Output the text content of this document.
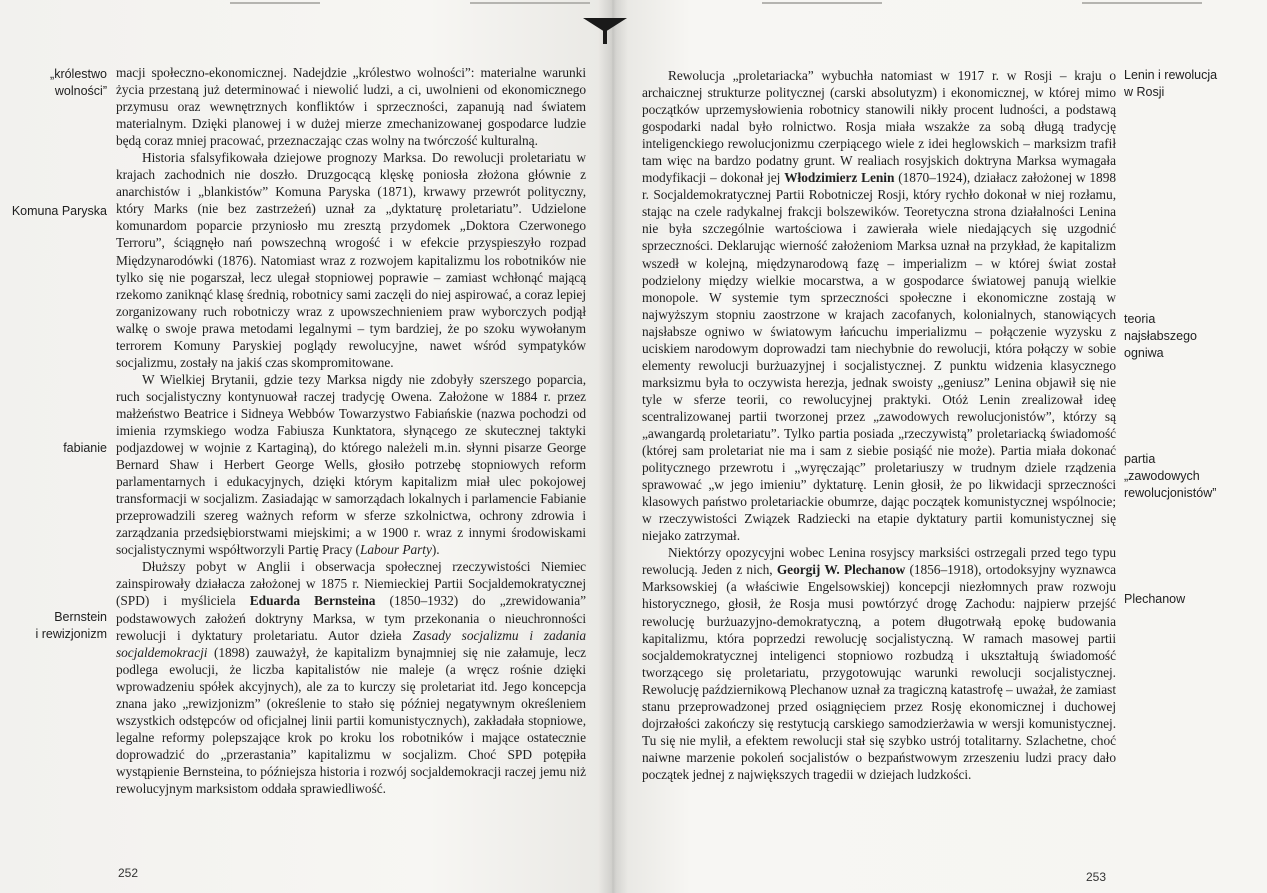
„królestwo
wolności”
Komuna Paryska
fabianie
Bernstein
i rewizjonizm

macji społeczno-ekonomicznej. Nadejdzie „królestwo wolności”: materialne warunki życia przestaną już determinować i niewolić ludzi, a ci, uwolnieni od ekonomicznego przymusu oraz wewnętrznych konfliktów i sprzeczności, zapanują nad światem materialnym. Dzięki planowej i w dużej mierze zmechanizowanej gospodarce ludzie będą coraz mniej pracować, przeznaczając czas wolny na twórczość kulturalną.

Historia sfalsyfikowała dziejowe prognozy Marksa. Do rewolucji proletariatu w krajach zachodnich nie doszło. Druzgocącą klęskę poniosła złożona głównie z anarchistów i „blankistów” Komuna Paryska (1871), krwawy przewrót polityczny, który Marks (nie bez zastrzeżeń) uznał za „dyktaturę proletariatu”. Udzielone komunardom poparcie przyniosło mu zresztą przydomek „Doktora Czerwonego Terroru”, ściągnęło nań powszechną wrogość i w efekcie przyspieszyło rozpad Międzynarodówki (1876). Natomiast wraz z rozwojem kapitalizmu los robotników nie tylko się nie pogarszał, lecz ulegał stopniowej poprawie – zamiast wchłonąć mającą rzekomo zaniknąć klasę średnią, robotnicy sami zaczęli do niej aspirować, a coraz lepiej zorganizowany ruch robotniczy wraz z upowszechnieniem praw wyborczych podjął walkę o swoje prawa metodami legalnymi – tym bardziej, że po szoku wywołanym terrorem Komuny Paryskiej poglądy rewolucyjne, nawet wśród sympatyków socjalizmu, zostały na jakiś czas skompromitowane.

W Wielkiej Brytanii, gdzie tezy Marksa nigdy nie zdobyły szerszego poparcia, ruch socjalistyczny kontynuował raczej tradycję Owena. Założone w 1884 r. przez małżeństwo Beatrice i Sidneya Webbów Towarzystwo Fabiańskie (nazwa pochodzi od imienia rzymskiego wodza Fabiusza Kunktatora, słynącego ze skutecznej taktyki podjazdowej w wojnie z Kartaginą), do którego należeli m.in. słynni pisarze George Bernard Shaw i Herbert George Wells, głosiło potrzebę stopniowych reform parlamentarnych i edukacyjnych, dzięki którym kapitalizm miał ulec pokojowej transformacji w socjalizm. Zasiadając w samorządach lokalnych i parlamencie Fabianie przeprowadzili szereg ważnych reform w sferze szkolnictwa, ochrony zdrowia i zarządzania przedsiębiorstwami miejskimi; a w 1900 r. wraz z innymi środowiskami socjalistycznymi współtworzyli Partię Pracy (Labour Party).

Dłuższy pobyt w Anglii i obserwacja społecznej rzeczywistości Niemiec zainspirowały działacza założonej w 1875 r. Niemieckiej Partii Socjaldemokratycznej (SPD) i myśliciela Eduarda Bernsteina (1850–1932) do „zrewidowania” podstawowych założeń doktryny Marksa, w tym przekonania o nieuchronności rewolucji i dyktatury proletariatu. Autor dzieła Zasady socjalizmu i zadania socjaldemokracji (1898) zauważył, że kapitalizm bynajmniej się nie załamuje, lecz podlega ewolucji, że liczba kapitalistów nie maleje (a wręcz rośnie dzięki wprowadzeniu spółek akcyjnych), ale za to kurczy się proletariat itd. Jego koncepcja znana jako „rewizjonizm” (określenie to stało się później negatywnym określeniem wszystkich odstępców od oficjalnej linii partii komunistycznych), zakładała stopniowe, legalne reformy polepszające krok po kroku los robotników i mające ostatecznie doprowadzić do „przerastania” kapitalizmu w socjalizm. Choć SPD potępiła wystąpienie Bernsteina, to późniejsza historia i rozwój socjaldemokracji raczej jemu niż rewolucyjnym marksistom oddała sprawiedliwość.

252
Lenin i rewolucja
w Rosji
teoria
najsłabszego
ogniwa
partia
„zawodowych
rewolucjonistów”
Plechanow

Rewolucja „proletariacka” wybuchła natomiast w 1917 r. w Rosji – kraju o archaicznej strukturze politycznej (carski absolutyzm) i ekonomicznej, w której mimo początków uprzemysłowienia robotnicy stanowili nikły procent ludności, a podstawą gospodarki nadal było rolnictwo. Rosja miała wszakże za sobą długą tradycję inteligenckiego rewolucjonizmu czerpiącego wiele z idei heglowskich – marksizm trafił tam więc na bardzo podatny grunt. W realiach rosyjskich doktryna Marksa wymagała modyfikacji – dokonał jej Włodzimierz Lenin (1870–1924), działacz założonej w 1898 r. Socjaldemokratycznej Partii Robotniczej Rosji, który rychło dokonał w niej rozłamu, stając na czele radykalnej frakcji bolszewików. Teoretyczna strona działalności Lenina nie była szczególnie wartościowa i zawierała wiele niedających się uzgodnić sprzeczności. Deklarując wierność założeniom Marksa uznał na przykład, że kapitalizm wszedł w kolejną, międzynarodową fazę – imperializm – w której świat został podzielony między wielkie mocarstwa, a w gospodarce światowej panują wielkie monopole. W systemie tym sprzeczności społeczne i ekonomiczne zostają w najwyższym stopniu zaostrzone w krajach zacofanych, kolonialnych, stanowiących najsłabsze ogniwo w światowym łańcuchu imperializmu – połączenie wyzysku z uciskiem narodowym doprowadzi tam niechybnie do rewolucji, która połączy w sobie elementy rewolucji burżuazyjnej i socjalistycznej. Z punktu widzenia klasycznego marksizmu była to oczywista herezja, jednak swoisty „geniusz” Lenina objawił się nie tyle w sferze teorii, co rewolucyjnej praktyki. Otóż Lenin zrealizował ideę scentralizowanej partii tworzonej przez „zawodowych rewolucjonistów”, którzy są „awangardą proletariatu”. Tylko partia posiada „rzeczywistą” proletariacką świadomość (której sam proletariat nie ma i sam z siebie posiąść nie może). Partia miała dokonać politycznego przewrotu i „wyręczając” proletariuszy w trudnym dziele rządzenia sprawować „w jego imieniu” dyktaturę. Lenin głosił, że po likwidacji sprzeczności klasowych państwo proletariackie obumrze, dając początek komunistycznej wspólnocie; w rzeczywistości Związek Radziecki na etapie dyktatury partii komunistycznej się niejako zatrzymał.

Niektórzy opozycyjni wobec Lenina rosyjscy marksiści ostrzegali przed tego typu rewolucją. Jeden z nich, Georgij W. Plechanow (1856–1918), ortodoksyjny wyznawca Marksowskiej (a właściwie Engelsowskiej) koncepcji niezłomnych praw rozwoju historycznego, głosił, że Rosja musi powtórzyć drogę Zachodu: najpierw przejść rewolucję burżuazyjno-demokratyczną, a potem długotrwałą epokę budowania kapitalizmu, która poprzedzi rewolucję socjalistyczną. W ramach masowej partii socjaldemokratycznej inteligenci stopniowo rozbudzą i ukształtują świadomość tworzącego się proletariatu, przygotowując warunki rewolucji socjalistycznej. Rewolucję październikową Plechanow uznał za tragiczną katastrofę – uważał, że zamiast stanu przeprowadzonej przed osiągnięciem przez Rosję ekonomicznej i duchowej dojrzałości zakończy się restytucją carskiego samodzierżawia w wersji komunistycznej. Tu się nie mylił, a efektem rewolucji stał się szybko ustrój totalitarny. Szlachetne, choć naiwne marzenie pokoleń socjalistów o bezpaństwowym zrzeszeniu ludzi pracy dało początek jednej z największych tragedii w dziejach ludzkości.

253
